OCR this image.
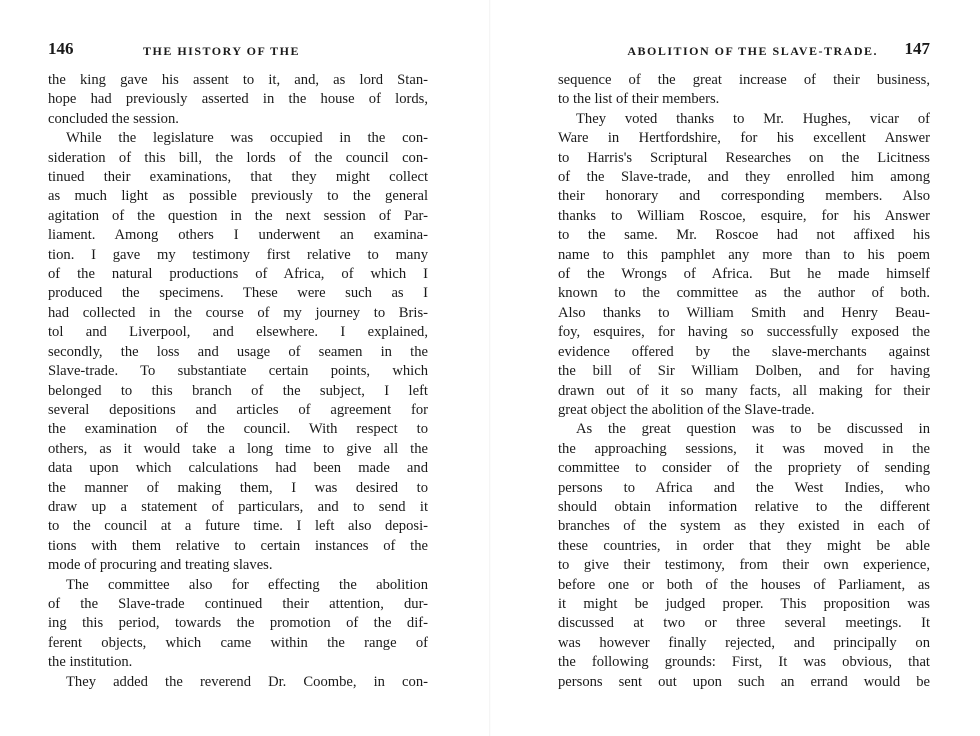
146	THE HISTORY OF THE
the king gave his assent to it, and, as lord Stan-
hope had previously asserted in the house of lords,
concluded the session.
While the legislature was occupied in the con-
sideration of this bill, the lords of the council con-
tinued their examinations, that they might collect
as much light as possible previously to the general
agitation of the question in the next session of Par-
liament. Among others I underwent an examina-
tion. I gave my testimony first relative to many
of the natural productions of Africa, of which I
produced the specimens. These were such as I
had collected in the course of my journey to Bris-
tol and Liverpool, and elsewhere. I explained,
secondly, the loss and usage of seamen in the
Slave-trade. To substantiate certain points, which
belonged to this branch of the subject, I left
several depositions and articles of agreement for
the examination of the council. With respect to
others, as it would take a long time to give all the
data upon which calculations had been made and
the manner of making them, I was desired to
draw up a statement of particulars, and to send it
to the council at a future time. I left also deposi-
tions with them relative to certain instances of the
mode of procuring and treating slaves.
The committee also for effecting the abolition
of the Slave-trade continued their attention, dur-
ing this period, towards the promotion of the dif-
ferent objects, which came within the range of
the institution.
They added the reverend Dr. Coombe, in con-
ABOLITION OF THE SLAVE-TRADE. 147
sequence of the great increase of their business,
to the list of their members.
They voted thanks to Mr. Hughes, vicar of
Ware in Hertfordshire, for his excellent Answer
to Harris's Scriptural Researches on the Licitness
of the Slave-trade, and they enrolled him among
their honorary and corresponding members. Also
thanks to William Roscoe, esquire, for his Answer
to the same. Mr. Roscoe had not affixed his
name to this pamphlet any more than to his poem
of the Wrongs of Africa. But he made himself
known to the committee as the author of both.
Also thanks to William Smith and Henry Beau-
foy, esquires, for having so successfully exposed the
evidence offered by the slave-merchants against
the bill of Sir William Dolben, and for having
drawn out of it so many facts, all making for their
great object the abolition of the Slave-trade.
As the great question was to be discussed in
the approaching sessions, it was moved in the
committee to consider of the propriety of sending
persons to Africa and the West Indies, who
should obtain information relative to the different
branches of the system as they existed in each of
these countries, in order that they might be able
to give their testimony, from their own experience,
before one or both of the houses of Parliament, as
it might be judged proper. This proposition was
discussed at two or three several meetings. It
was however finally rejected, and principally on
the following grounds: First, It was obvious, that
persons sent out upon such an errand would be
